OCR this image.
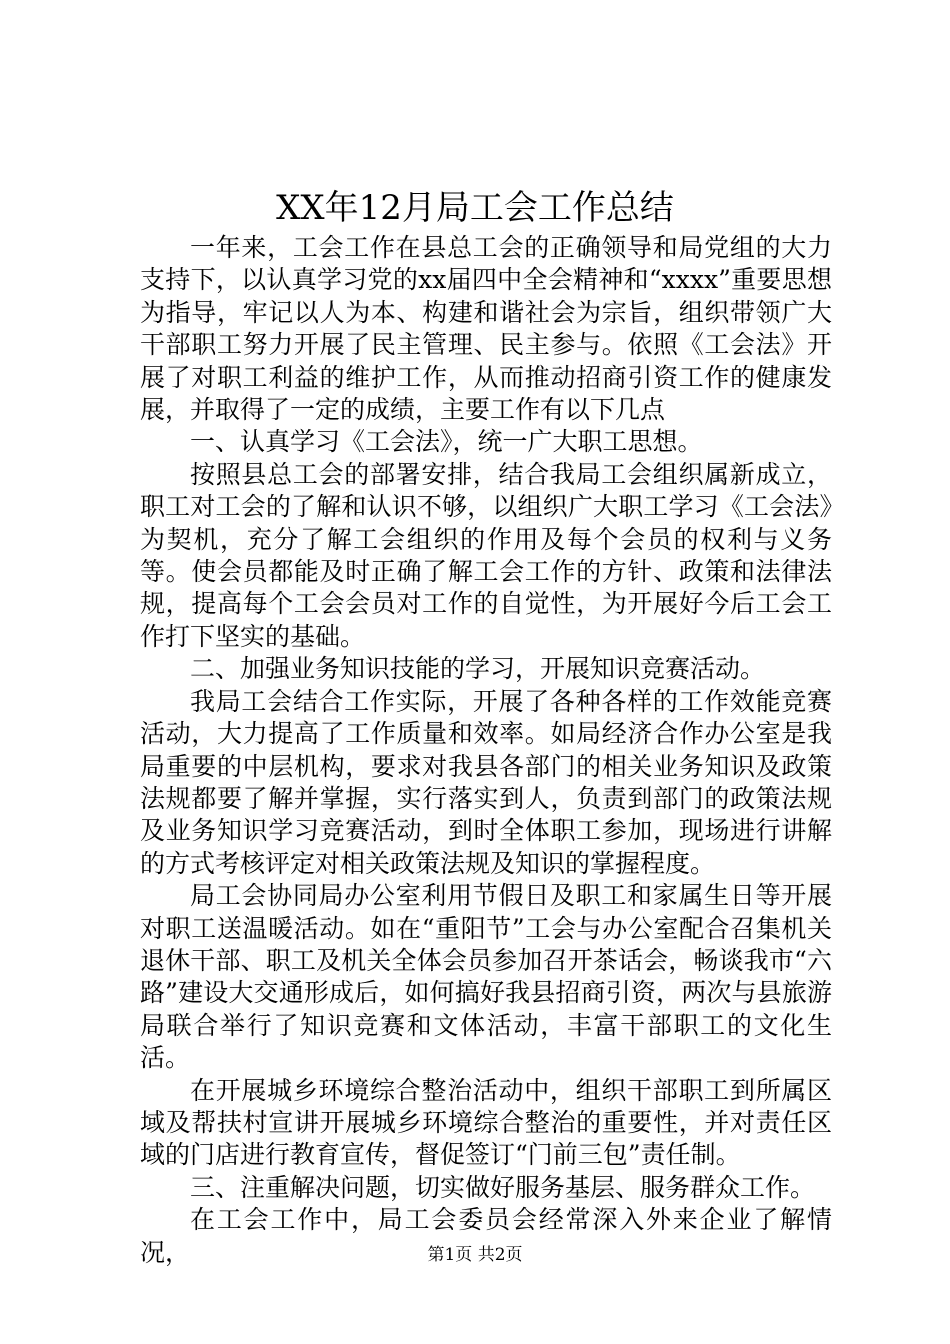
XX年12月局工会工作总结

一年来，工会工作在县总工会的正确领导和局党组的大力支持下，以认真学习党的xx届四中全会精神和“xxxx”重要思想为指导，牢记以人为本、构建和谐社会为宗旨，组织带领广大干部职工努力开展了民主管理、民主参与。依照《工会法》开展了对职工利益的维护工作，从而推动招商引资工作的健康发展，并取得了一定的成绩，主要工作有以下几点

一、认真学习《工会法》，统一广大职工思想。

按照县总工会的部署安排，结合我局工会组织属新成立，职工对工会的了解和认识不够，以组织广大职工学习《工会法》为契机，充分了解工会组织的作用及每个会员的权利与义务等。使会员都能及时正确了解工会工作的方针、政策和法律法规，提高每个工会会员对工作的自觉性，为开展好今后工会工作打下坚实的基础。

二、加强业务知识技能的学习，开展知识竞赛活动。

我局工会结合工作实际，开展了各种各样的工作效能竞赛活动，大力提高了工作质量和效率。如局经济合作办公室是我局重要的中层机构，要求对我县各部门的相关业务知识及政策法规都要了解并掌握，实行落实到人，负责到部门的政策法规及业务知识学习竞赛活动，到时全体职工参加，现场进行讲解的方式考核评定对相关政策法规及知识的掌握程度。

局工会协同局办公室利用节假日及职工和家属生日等开展对职工送温暖活动。如在“重阳节”工会与办公室配合召集机关退休干部、职工及机关全体会员参加召开茶话会，畅谈我市“六路”建设大交通形成后，如何搞好我县招商引资，两次与县旅游局联合举行了知识竞赛和文体活动，丰富干部职工的文化生活。

在开展城乡环境综合整治活动中，组织干部职工到所属区域及帮扶村宣讲开展城乡环境综合整治的重要性，并对责任区域的门店进行教育宣传，督促签订“门前三包”责任制。

三、注重解决问题，切实做好服务基层、服务群众工作。

在工会工作中，局工会委员会经常深入外来企业了解情况，	第1页 共2页
